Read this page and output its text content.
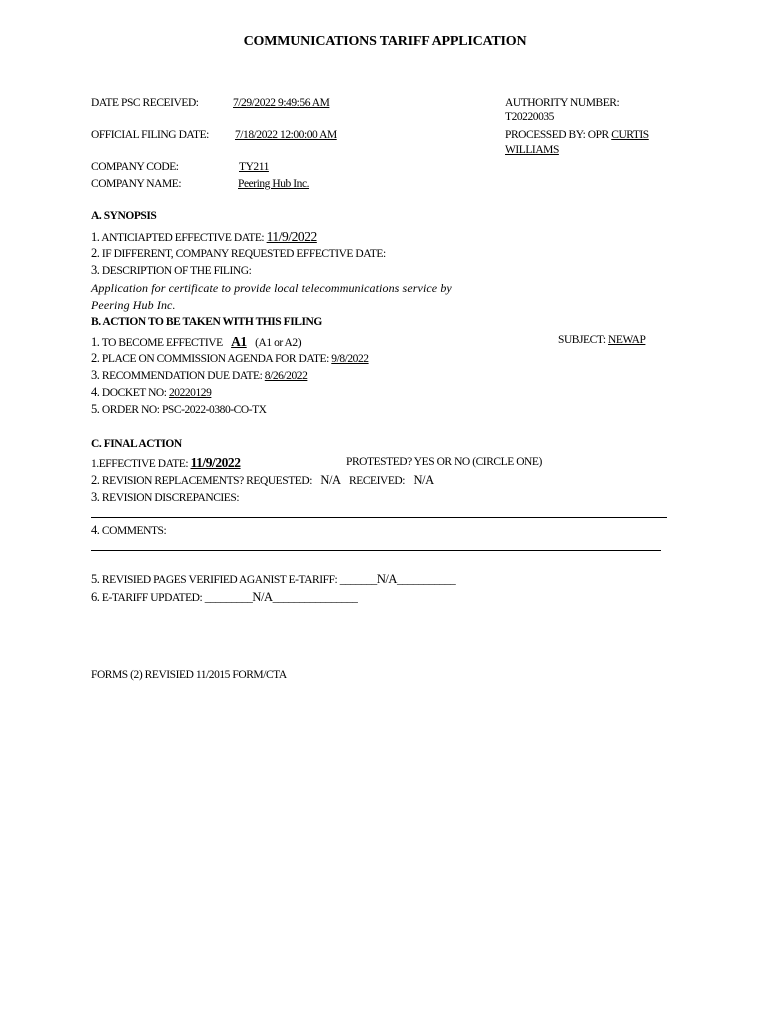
COMMUNICATIONS TARIFF APPLICATION
DATE PSC RECEIVED:	7/29/2022 9:49:56 AM
OFFICIAL FILING DATE: 7/18/2022 12:00:00 AM
COMPANY CODE:	TY211
COMPANY NAME:	Peering Hub Inc.
AUTHORITY NUMBER:
T20220035
PROCESSED BY: OPR CURTIS
WILLIAMS
A. SYNOPSIS
1. ANTICIAPTED EFFECTIVE DATE: 11/9/2022
2. IF DIFFERENT, COMPANY REQUESTED EFFECTIVE DATE:
3. DESCRIPTION OF THE FILING:
Application for certificate to provide local telecommunications service by
Peering Hub Inc.
B. ACTION TO BE TAKEN WITH THIS FILING
1. TO BECOME EFFECTIVE A1 (A1 or A2)	SUBJECT: NEWAP
2. PLACE ON COMMISSION AGENDA FOR DATE: 9/8/2022
3. RECOMMENDATION DUE DATE: 8/26/2022
4. DOCKET NO: 20220129
5. ORDER NO: PSC-2022-0380-CO-TX
C. FINAL ACTION
1.EFFECTIVE DATE: 11/9/2022	PROTESTED? YES OR NO (CIRCLE ONE)
2. REVISION REPLACEMENTS? REQUESTED: N/A RECEIVED: N/A
3. REVISION DISCREPANCIES:
4. COMMENTS:
5. REVISIED PAGES VERIFIED AGANIST E-TARIFF: _______N/A___________
6. E-TARIFF UPDATED: _________N/A________________
FORMS (2) REVISIED 11/2015 FORM/CTA
